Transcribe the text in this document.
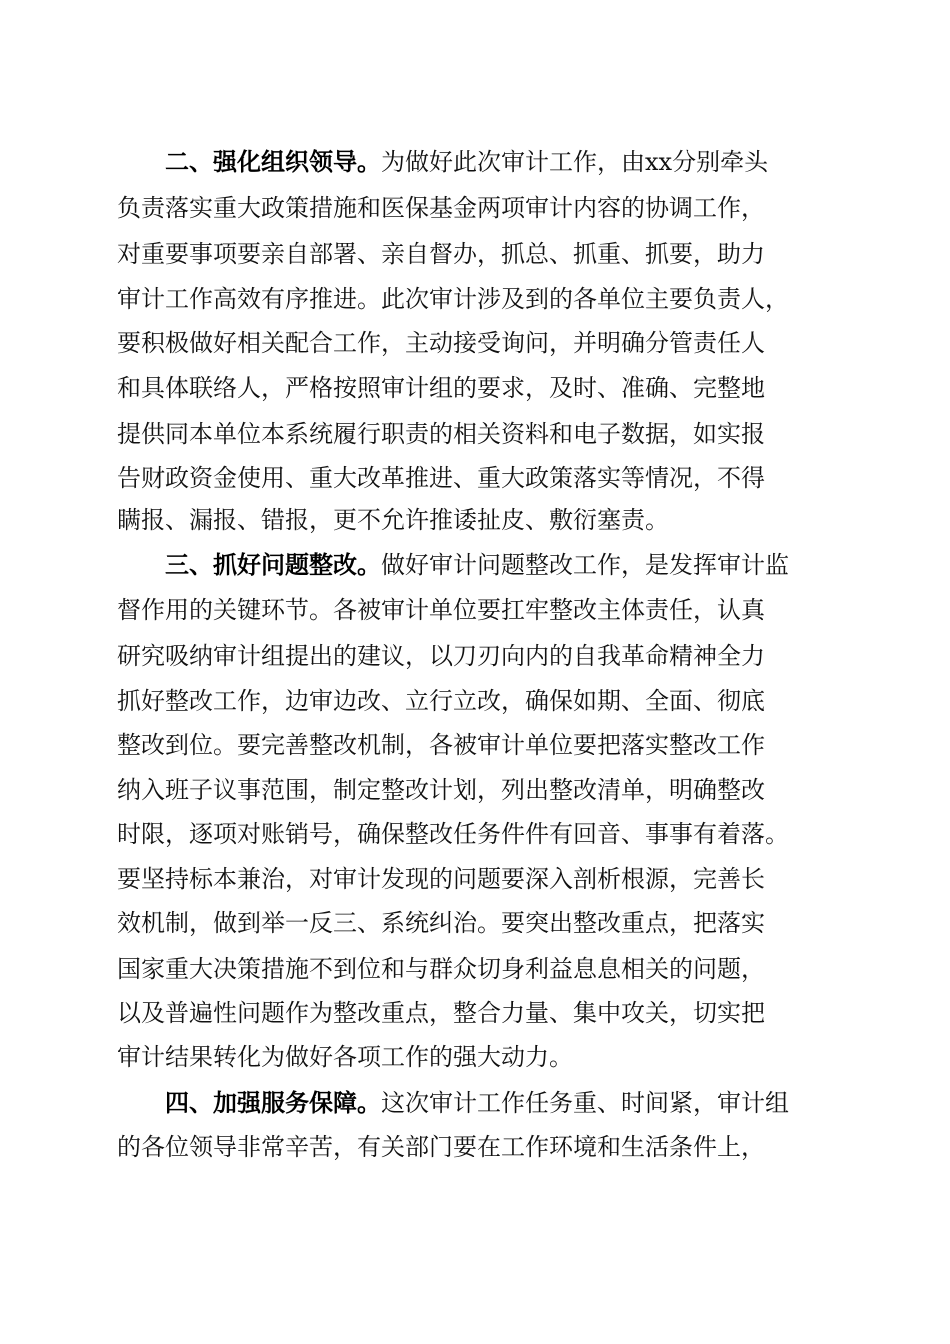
二、强化组织领导。为做好此次审计工作，由xx分别牵头
负责落实重大政策措施和医保基金两项审计内容的协调工作，
对重要事项要亲自部署、亲自督办，抓总、抓重、抓要，助力
审计工作高效有序推进。此次审计涉及到的各单位主要负责人，
要积极做好相关配合工作，主动接受询问，并明确分管责任人
和具体联络人，严格按照审计组的要求，及时、准确、完整地
提供同本单位本系统履行职责的相关资料和电子数据，如实报
告财政资金使用、重大改革推进、重大政策落实等情况，不得
瞒报、漏报、错报，更不允许推诿扯皮、敷衍塞责。
三、抓好问题整改。做好审计问题整改工作，是发挥审计监
督作用的关键环节。各被审计单位要扛牢整改主体责任，认真
研究吸纳审计组提出的建议，以刀刃向内的自我革命精神全力
抓好整改工作，边审边改、立行立改，确保如期、全面、彻底
整改到位。要完善整改机制，各被审计单位要把落实整改工作
纳入班子议事范围，制定整改计划，列出整改清单，明确整改
时限，逐项对账销号，确保整改任务件件有回音、事事有着落。
要坚持标本兼治，对审计发现的问题要深入剖析根源，完善长
效机制，做到举一反三、系统纠治。要突出整改重点，把落实
国家重大决策措施不到位和与群众切身利益息息相关的问题，
以及普遍性问题作为整改重点，整合力量、集中攻关，切实把
审计结果转化为做好各项工作的强大动力。
四、加强服务保障。这次审计工作任务重、时间紧，审计组
的各位领导非常辛苦，有关部门要在工作环境和生活条件上，
